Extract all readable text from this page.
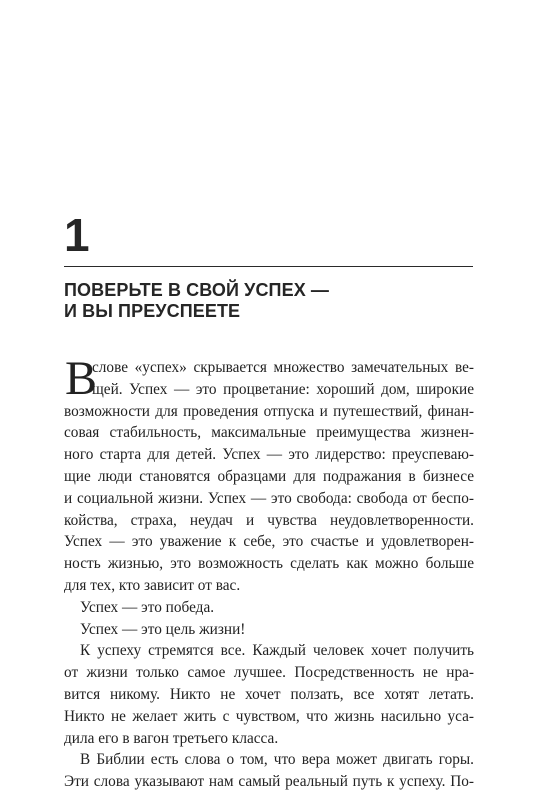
1
ПОВЕРЬТЕ В СВОЙ УСПЕХ —
И ВЫ ПРЕУСПЕЕТЕ
В
слове «успех» скрывается множество замечательных ве-
щей. Успех — это процветание: хороший дом, широкие
возможности для проведения отпуска и путешествий, финан-
совая стабильность, максимальные преимущества жизнен-
ного старта для детей. Успех — это лидерство: преуспеваю-
щие люди становятся образцами для подражания в бизнесе
и социальной жизни. Успех — это свобода: свобода от беспо-
койства, страха, неудач и чувства неудовлетворенности.
Успех — это уважение к себе, это счастье и удовлетворен-
ность жизнью, это возможность сделать как можно больше
для тех, кто зависит от вас.
Успех — это победа.
Успех — это цель жизни!
К успеху стремятся все. Каждый человек хочет получить
от жизни только самое лучшее. Посредственность не нра-
вится никому. Никто не хочет ползать, все хотят летать.
Никто не желает жить с чувством, что жизнь насильно уса-
дила его в вагон третьего класса.
В Библии есть слова о том, что вера может двигать горы.
Эти слова указывают нам самый реальный путь к успеху. По-
